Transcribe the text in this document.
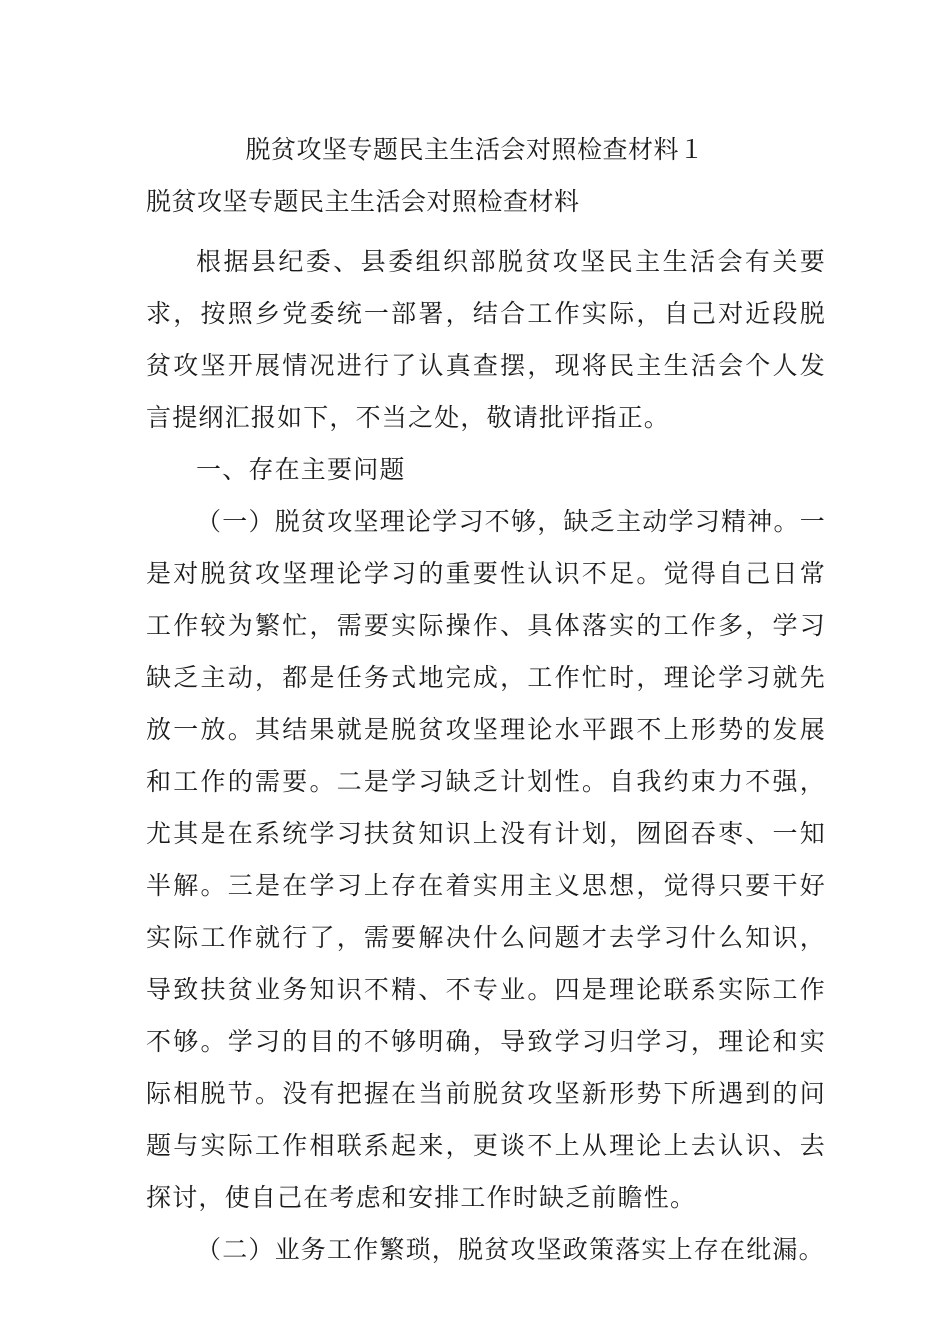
脱贫攻坚专题民主生活会对照检查材料１
脱贫攻坚专题民主生活会对照检查材料

根据县纪委、县委组织部脱贫攻坚民主生活会有关要求，按照乡党委统一部署，结合工作实际，自己对近段脱贫攻坚开展情况进行了认真查摆，现将民主生活会个人发言提纲汇报如下，不当之处，敬请批评指正。

一、存在主要问题

（一）脱贫攻坚理论学习不够，缺乏主动学习精神。一是对脱贫攻坚理论学习的重要性认识不足。觉得自己日常工作较为繁忙，需要实际操作、具体落实的工作多，学习缺乏主动，都是任务式地完成，工作忙时，理论学习就先放一放。其结果就是脱贫攻坚理论水平跟不上形势的发展和工作的需要。二是学习缺乏计划性。自我约束力不强，尤其是在系统学习扶贫知识上没有计划，囫囵吞枣、一知半解。三是在学习上存在着实用主义思想，觉得只要干好实际工作就行了，需要解决什么问题才去学习什么知识，导致扶贫业务知识不精、不专业。四是理论联系实际工作不够。学习的目的不够明确，导致学习归学习，理论和实际相脱节。没有把握在当前脱贫攻坚新形势下所遇到的问题与实际工作相联系起来，更谈不上从理论上去认识、去探讨，使自己在考虑和安排工作时缺乏前瞻性。

（二）业务工作繁琐，脱贫攻坚政策落实上存在纰漏。
